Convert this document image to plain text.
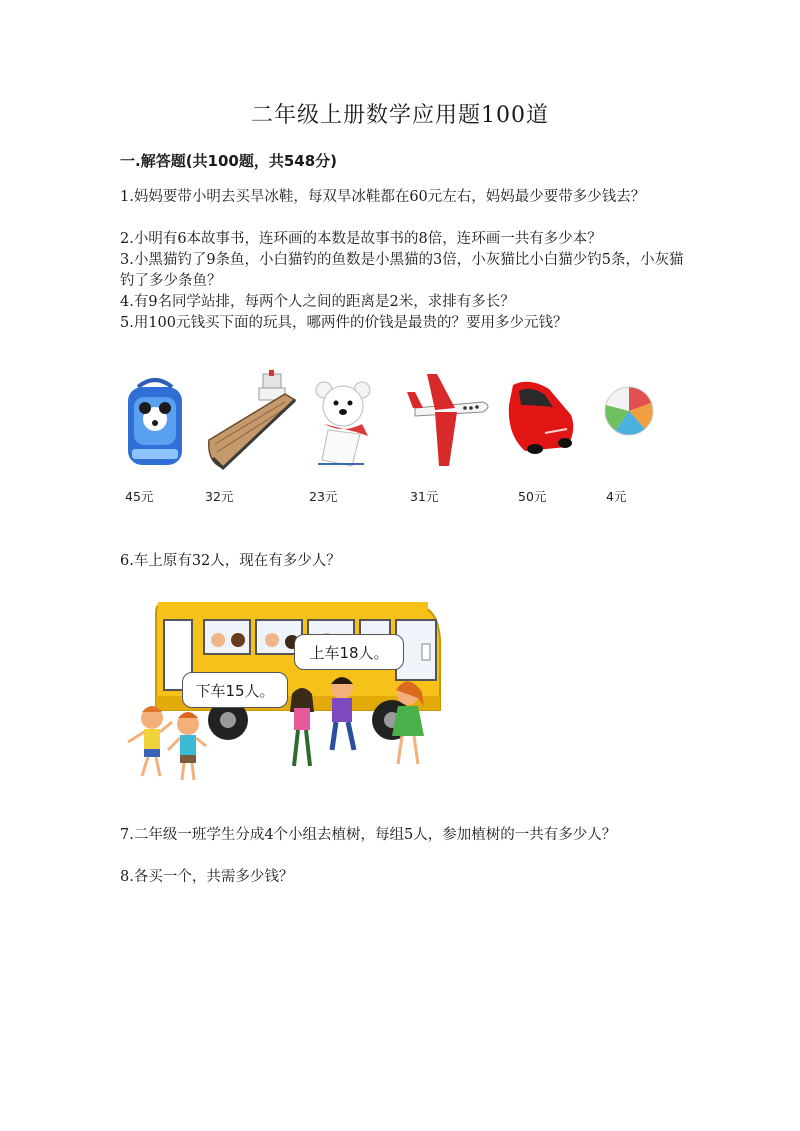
二年级上册数学应用题100道
一.解答题(共100题，共548分)
1.妈妈要带小明去买旱冰鞋，每双旱冰鞋都在60元左右，妈妈最少要带多少钱去？
2.小明有6本故事书，连环画的本数是故事书的8倍，连环画一共有多少本？
3.小黑猫钓了9条鱼，小白猫钓的鱼数是小黑猫的3倍，小灰猫比小白猫少钓5条，小灰猫钓了多少条鱼？
4.有9名同学站排，每两个人之间的距离是2米，求排有多长？
5.用100元钱买下面的玩具，哪两件的价钱是最贵的？要用多少元钱？
45元	32元	23元	31元	50元	4元
6.车上原有32人，现在有多少人？
上车18人。
下车15人。
7.二年级一班学生分成4个小组去植树，每组5人，参加植树的一共有多少人？
8.各买一个，共需多少钱？
